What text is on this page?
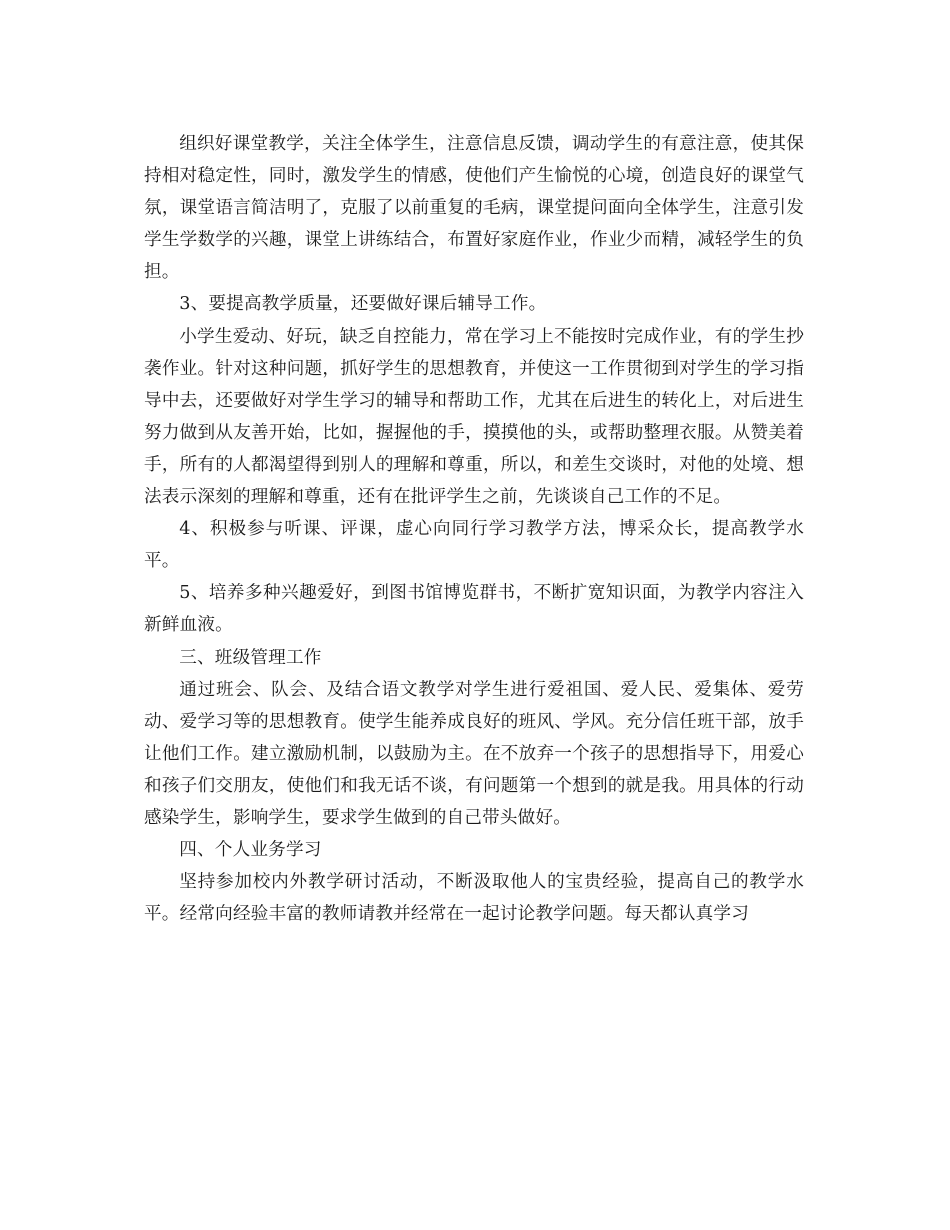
组织好课堂教学，关注全体学生，注意信息反馈，调动学生的有意注意，使其保持相对稳定性，同时，激发学生的情感，使他们产生愉悦的心境，创造良好的课堂气氛，课堂语言简洁明了，克服了以前重复的毛病，课堂提问面向全体学生，注意引发学生学数学的兴趣，课堂上讲练结合，布置好家庭作业，作业少而精，减轻学生的负担。

3、要提高教学质量，还要做好课后辅导工作。

小学生爱动、好玩，缺乏自控能力，常在学习上不能按时完成作业，有的学生抄袭作业。针对这种问题，抓好学生的思想教育，并使这一工作贯彻到对学生的学习指导中去，还要做好对学生学习的辅导和帮助工作，尤其在后进生的转化上，对后进生努力做到从友善开始，比如，握握他的手，摸摸他的头，或帮助整理衣服。从赞美着手，所有的人都渴望得到别人的理解和尊重，所以，和差生交谈时，对他的处境、想法表示深刻的理解和尊重，还有在批评学生之前，先谈谈自己工作的不足。

4、积极参与听课、评课，虚心向同行学习教学方法，博采众长，提高教学水平。

5、培养多种兴趣爱好，到图书馆博览群书，不断扩宽知识面，为教学内容注入新鲜血液。

三、班级管理工作

通过班会、队会、及结合语文教学对学生进行爱祖国、爱人民、爱集体、爱劳动、爱学习等的思想教育。使学生能养成良好的班风、学风。充分信任班干部，放手让他们工作。建立激励机制，以鼓励为主。在不放弃一个孩子的思想指导下，用爱心和孩子们交朋友，使他们和我无话不谈，有问题第一个想到的就是我。用具体的行动感染学生，影响学生，要求学生做到的自己带头做好。

四、个人业务学习

坚持参加校内外教学研讨活动，不断汲取他人的宝贵经验，提高自己的教学水平。经常向经验丰富的教师请教并经常在一起讨论教学问题。每天都认真学习
